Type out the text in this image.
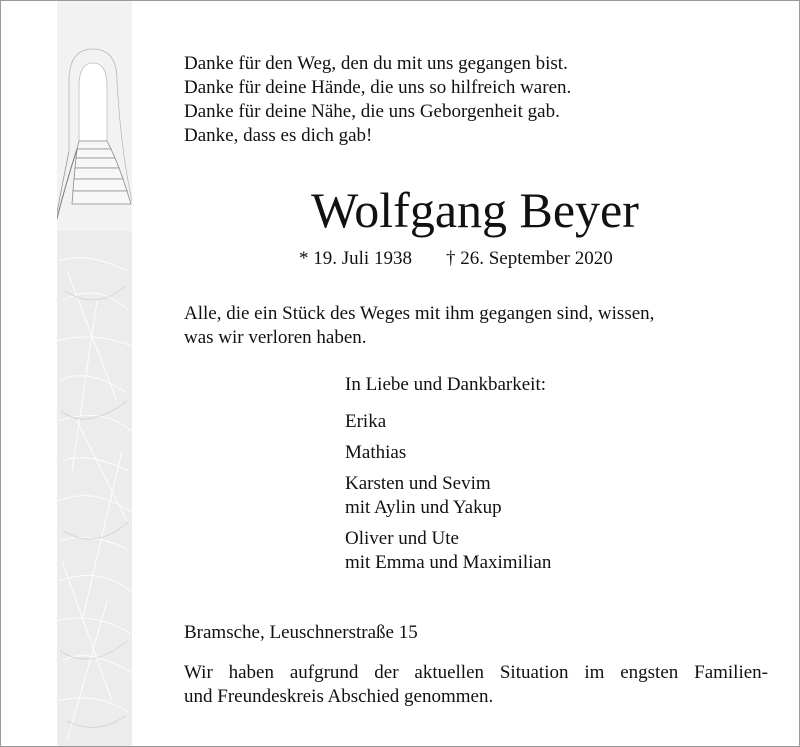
Danke für den Weg, den du mit uns gegangen bist.
Danke für deine Hände, die uns so hilfreich waren.
Danke für deine Nähe, die uns Geborgenheit gab.
Danke, dass es dich gab!
Wolfgang Beyer
* 19. Juli 1938 † 26. September 2020
Alle, die ein Stück des Weges mit ihm gegangen sind, wissen,
was wir verloren haben.
In Liebe und Dankbarkeit:
Erika
Mathias
Karsten und Sevim
mit Aylin und Yakup
Oliver und Ute
mit Emma und Maximilian
Bramsche, Leuschnerstraße 15
Wir haben aufgrund der aktuellen Situation im engsten Familien-
und Freundeskreis Abschied genommen.
